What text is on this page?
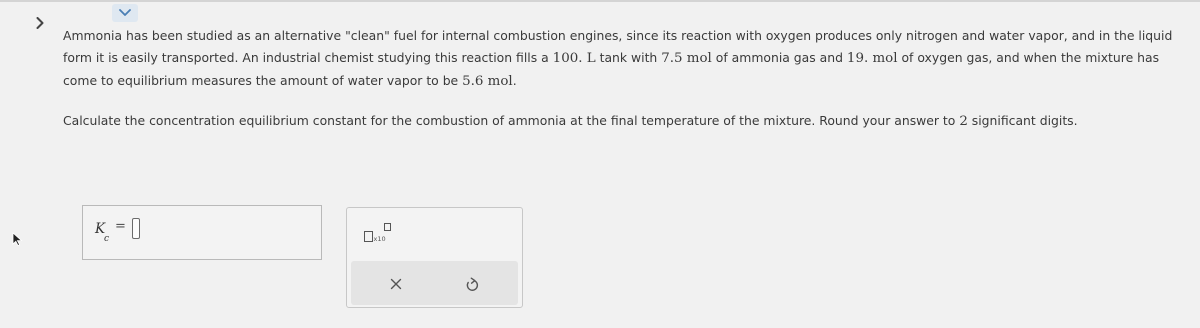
Ammonia has been studied as an alternative "clean" fuel for internal combustion engines, since its reaction with oxygen produces only nitrogen and water vapor, and in the liquid form it is easily transported. An industrial chemist studying this reaction fills a 100. L tank with 7.5 mol of ammonia gas and 19. mol of oxygen gas, and when the mixture has come to equilibrium measures the amount of water vapor to be 5.6 mol.

Calculate the concentration equilibrium constant for the combustion of ammonia at the final temperature of the mixture. Round your answer to 2 significant digits.

K
c
=
x10
